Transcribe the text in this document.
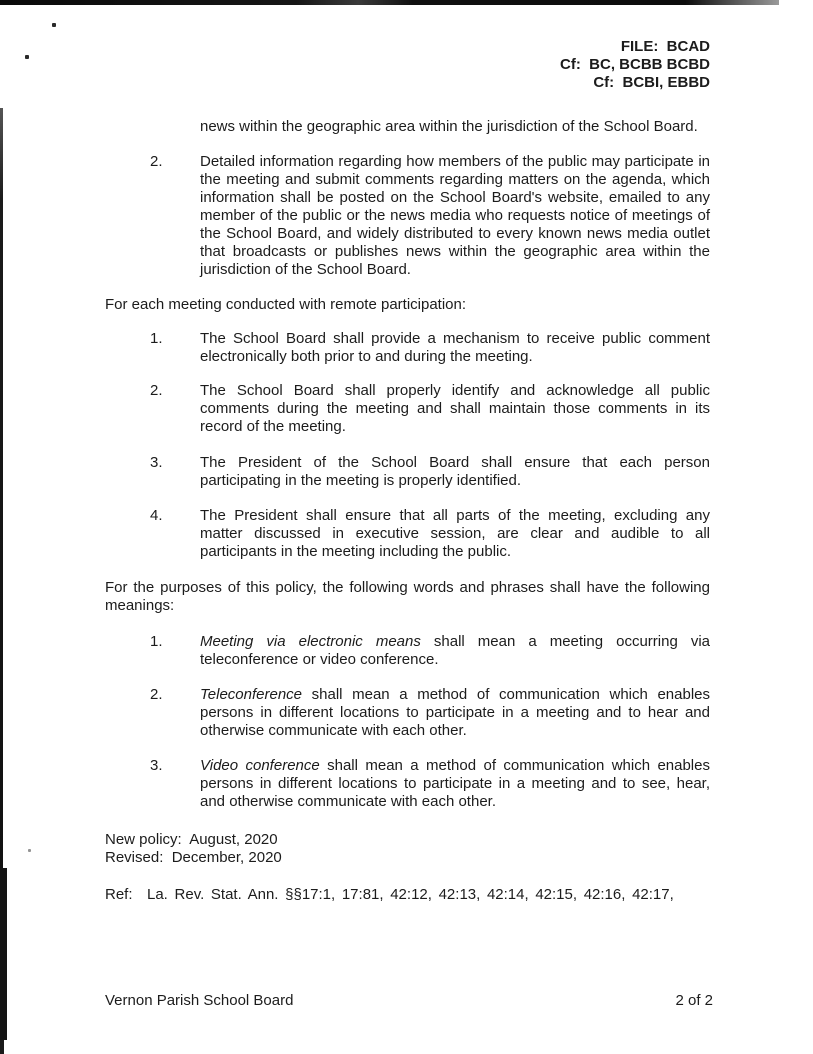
FILE:  BCAD
Cf:  BC, BCBB BCBD
Cf:  BCBI, EBBD
news within the geographic area within the jurisdiction of the School Board.
2.	Detailed information regarding how members of the public may participate in the meeting and submit comments regarding matters on the agenda, which information shall be posted on the School Board's website, emailed to any member of the public or the news media who requests notice of meetings of the School Board, and widely distributed to every known news media outlet that broadcasts or publishes news within the geographic area within the jurisdiction of the School Board.
For each meeting conducted with remote participation:
1.	The School Board shall provide a mechanism to receive public comment electronically both prior to and during the meeting.
2.	The School Board shall properly identify and acknowledge all public comments during the meeting and shall maintain those comments in its record of the meeting.
3.	The President of the School Board shall ensure that each person participating in the meeting is properly identified.
4.	The President shall ensure that all parts of the meeting, excluding any matter discussed in executive session, are clear and audible to all participants in the meeting including the public.
For the purposes of this policy, the following words and phrases shall have the following meanings:
1.	Meeting via electronic means shall mean a meeting occurring via teleconference or video conference.
2.	Teleconference shall mean a method of communication which enables persons in different locations to participate in a meeting and to hear and otherwise communicate with each other.
3.	Video conference shall mean a method of communication which enables persons in different locations to participate in a meeting and to see, hear, and otherwise communicate with each other.
New policy:  August, 2020
Revised:  December, 2020
Ref: La. Rev. Stat. Ann. §§17:1, 17:81, 42:12, 42:13, 42:14, 42:15, 42:16, 42:17,
Vernon Parish School Board	2 of 2
